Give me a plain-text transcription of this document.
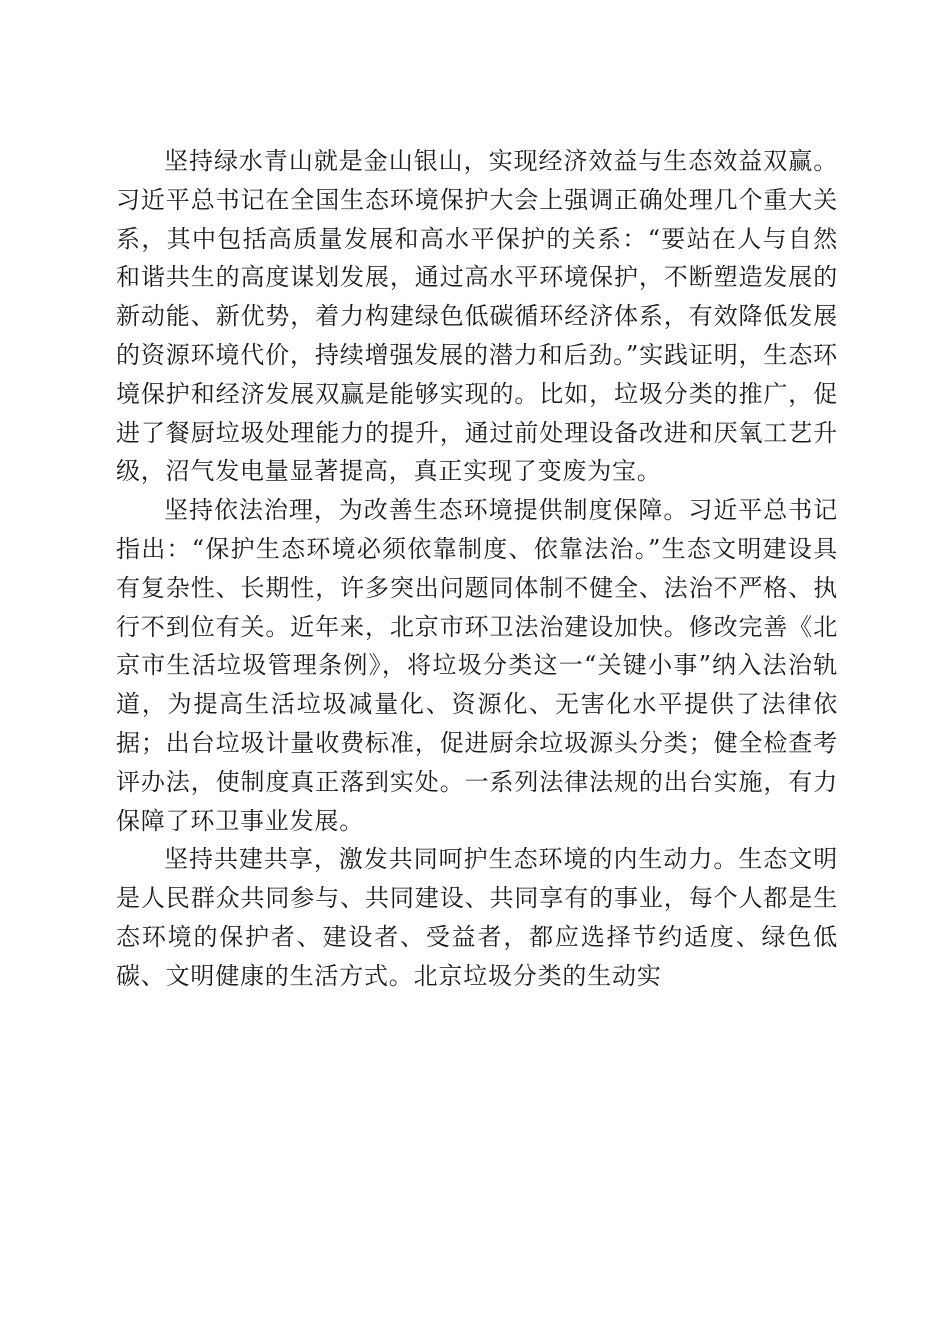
坚持绿水青山就是金山银山，实现经济效益与生态效益双赢。习近平总书记在全国生态环境保护大会上强调正确处理几个重大关系，其中包括高质量发展和高水平保护的关系：“要站在人与自然和谐共生的高度谋划发展，通过高水平环境保护，不断塑造发展的新动能、新优势，着力构建绿色低碳循环经济体系，有效降低发展的资源环境代价，持续增强发展的潜力和后劲。”实践证明，生态环境保护和经济发展双赢是能够实现的。比如，垃圾分类的推广，促进了餐厨垃圾处理能力的提升，通过前处理设备改进和厌氧工艺升级，沼气发电量显著提高，真正实现了变废为宝。

坚持依法治理，为改善生态环境提供制度保障。习近平总书记指出：“保护生态环境必须依靠制度、依靠法治。”生态文明建设具有复杂性、长期性，许多突出问题同体制不健全、法治不严格、执行不到位有关。近年来，北京市环卫法治建设加快。修改完善《北京市生活垃圾管理条例》，将垃圾分类这一“关键小事”纳入法治轨道，为提高生活垃圾减量化、资源化、无害化水平提供了法律依据；出台垃圾计量收费标准，促进厨余垃圾源头分类；健全检查考评办法，使制度真正落到实处。一系列法律法规的出台实施，有力保障了环卫事业发展。

坚持共建共享，激发共同呵护生态环境的内生动力。生态文明是人民群众共同参与、共同建设、共同享有的事业，每个人都是生态环境的保护者、建设者、受益者，都应选择节约适度、绿色低碳、文明健康的生活方式。北京垃圾分类的生动实
